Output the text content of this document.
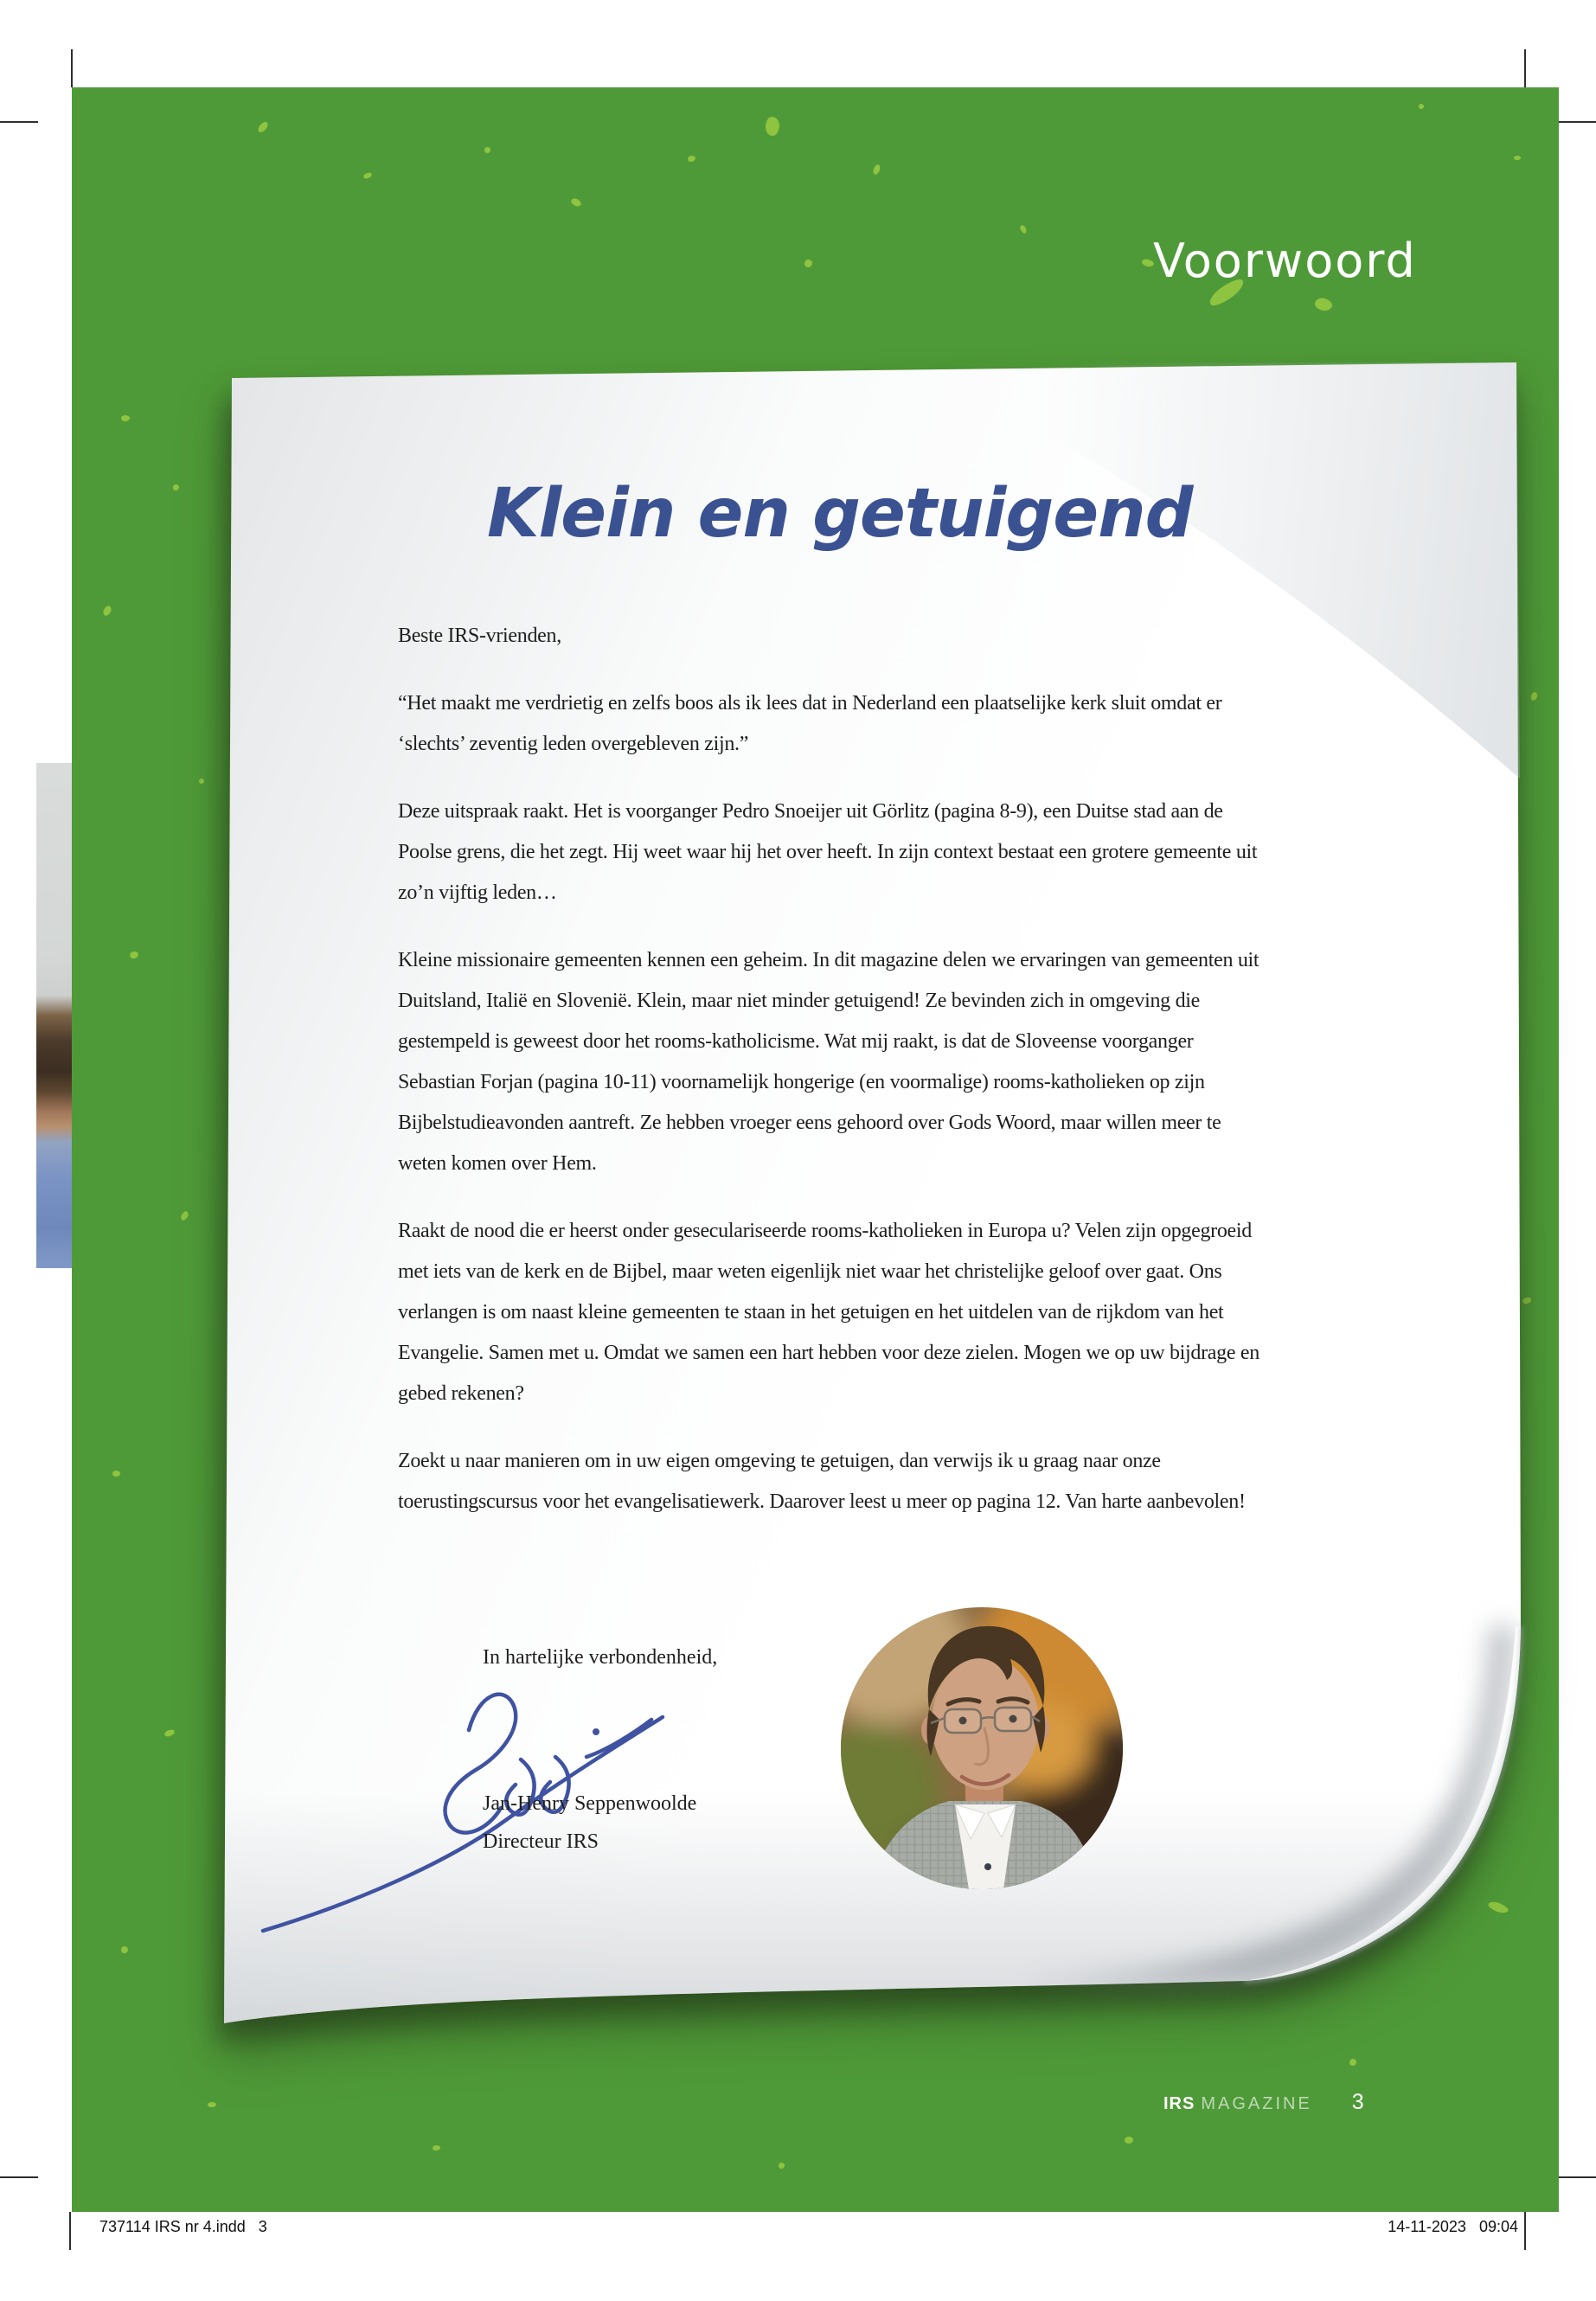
Voorwoord
Klein en getuigend

Beste IRS-vrienden,

“Het maakt me verdrietig en zelfs boos als ik lees dat in Nederland een plaatselijke kerk sluit omdat er ‘slechts’ zeventig leden overgebleven zijn.”

Deze uitspraak raakt. Het is voorganger Pedro Snoeijer uit Görlitz (pagina 8-9), een Duitse stad aan de Poolse grens, die het zegt. Hij weet waar hij het over heeft. In zijn context bestaat een grotere gemeente uit zo’n vijftig leden…

Kleine missionaire gemeenten kennen een geheim. In dit magazine delen we ervaringen van gemeenten uit Duitsland, Italië en Slovenië. Klein, maar niet minder getuigend! Ze bevinden zich in omgeving die gestempeld is geweest door het rooms-katholicisme. Wat mij raakt, is dat de Sloveense voorganger Sebastian Forjan (pagina 10-11) voornamelijk hongerige (en voormalige) rooms-katholieken op zijn Bijbelstudieavonden aantreft. Ze hebben vroeger eens gehoord over Gods Woord, maar willen meer te weten komen over Hem.

Raakt de nood die er heerst onder geseculariseerde rooms-katholieken in Europa u? Velen zijn opgegroeid met iets van de kerk en de Bijbel, maar weten eigenlijk niet waar het christelijke geloof over gaat. Ons verlangen is om naast kleine gemeenten te staan in het getuigen en het uitdelen van de rijkdom van het Evangelie. Samen met u. Omdat we samen een hart hebben voor deze zielen. Mogen we op uw bijdrage en gebed rekenen?

Zoekt u naar manieren om in uw eigen omgeving te getuigen, dan verwijs ik u graag naar onze toerustingscursus voor het evangelisatiewerk. Daarover leest u meer op pagina 12. Van harte aanbevolen!

In hartelijke verbondenheid,
Jan-Henry Seppenwoolde
Directeur IRS
IRS MAGAZINE 3
737114 IRS nr 4.indd   3	14-11-2023   09:04
